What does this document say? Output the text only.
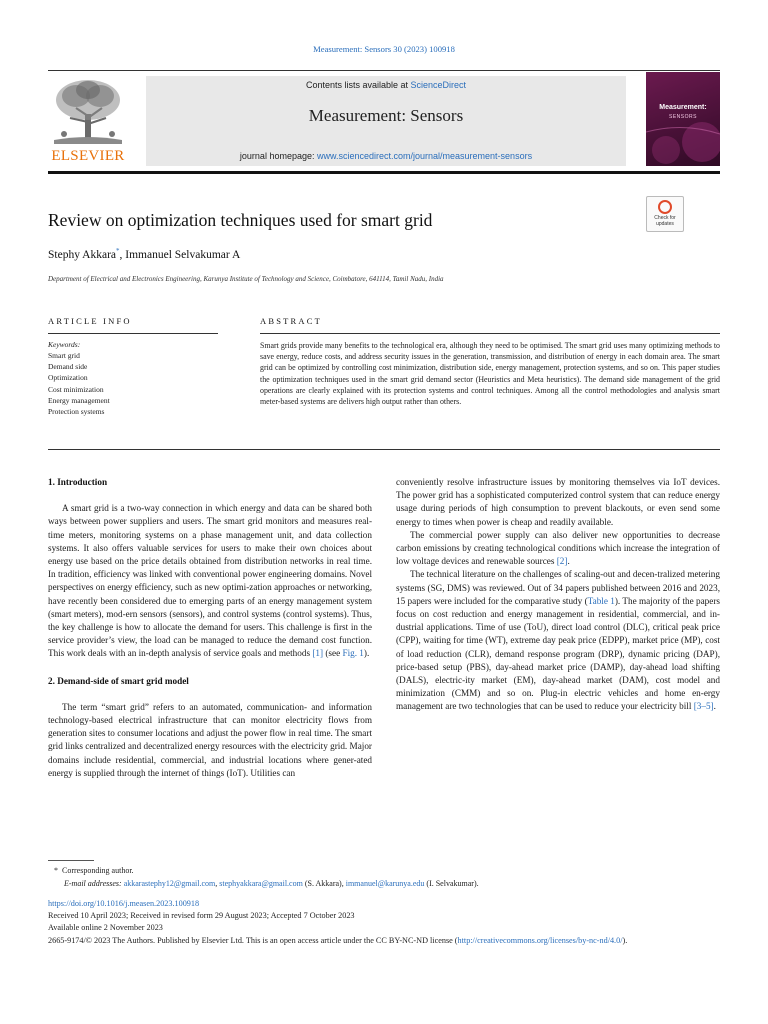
Measurement: Sensors 30 (2023) 100918
ELSEVIER
Contents lists available at ScienceDirect
Measurement: Sensors
journal homepage: www.sciencedirect.com/journal/measurement-sensors
Measurement:
SENSORS
Check for updates
Review on optimization techniques used for smart grid
Stephy Akkara*, Immanuel Selvakumar A
Department of Electrical and Electronics Engineering, Karunya Institute of Technology and Science, Coimbatore, 641114, Tamil Nadu, India
ARTICLE INFO
Keywords:
Smart grid
Demand side
Optimization
Cost minimization
Energy management
Protection systems
ABSTRACT
Smart grids provide many benefits to the technological era, although they need to be optimised. The smart grid uses many optimizing methods to save energy, reduce costs, and address security issues in the generation, transmission, and distribution of energy in each domain area. The smart grid can be optimized by controlling cost minimization, distribution side, energy management, protection systems, and so on. This paper studies the optimization techniques used in the smart grid demand sector (Heuristics and Meta heuristics). The demand side management of the grid operations are clearly explained with its protection systems and control techniques. Among all the control methodologies and analysis smart meter-based systems are delivers high output rather than others.
1. Introduction

A smart grid is a two-way connection in which energy and data can be shared both ways between power suppliers and users. The smart grid monitors and measures real-time meters, monitoring systems on a phase management unit, and data collection systems. It also offers valuable services for users to make their own choices about energy use based on the price details obtained from distribution networks in real time. In tradition, efficiency was linked with conventional power engineering domains. Novel perspectives on energy efficiency, such as new optimi-zation approaches or networking, have recently been considered due to emerging parts of an energy management system (smart meters), mod-ern sensors (sensors), and control systems (control systems). Thus, the key challenge is how to allocate the demand for users. This challenge is first in the service provider’s view, the load can be managed to reduce the demand cost function. This work deals with an in-depth analysis of service goals and methods [1] (see Fig. 1).

2. Demand-side of smart grid model

The term “smart grid” refers to an automated, communication- and information technology-based electrical infrastructure that can monitor electricity flows from generation sites to consumer locations and adjust the power flow in real time. The smart grid links centralized and decentralized energy resources with the electricity grid. Major domains include residential, commercial, and industrial locations where gener-ated energy is supplied through the internet of things (IoT). Utilities can

conveniently resolve infrastructure issues by monitoring themselves via IoT devices. The power grid has a sophisticated computerized control system that can reduce energy usage during periods of high consumption to prevent blackouts, or even send some energy to times when power is cheap and readily available.

The commercial power supply can also deliver new opportunities to decrease carbon emissions by creating technological conditions which increase the integration of low voltage devices and renewable sources [2].

The technical literature on the challenges of scaling-out and decen-tralized metering systems (SG, DMS) was reviewed. Out of 34 papers published between 2016 and 2023, 15 papers were included for the comparative study (Table 1). The majority of the papers focus on cost reduction and energy management in residential, commercial, and in-dustrial applications. Time of use (ToU), direct load control (DLC), critical peak price (CPP), waiting for time (WT), extreme day peak price (EDPP), market price (MP), cost of load reduction (CLR), demand response program (DRP), dynamic pricing (DAP), price-based setup (PBS), day-ahead market price (DAMP), day-ahead load shifting (DALS), electric-ity market (EM), day-ahead market (DAM), cost model and minimization (CMM) and so on. Plug-in electric vehicles and home en-ergy management are two technologies that can be used to reduce your electricity bill [3–5].

* Corresponding author.
E-mail addresses: akkarastephy12@gmail.com, stephyakkara@gmail.com (S. Akkara), immanuel@karunya.edu (I. Selvakumar).
https://doi.org/10.1016/j.measen.2023.100918
Received 10 April 2023; Received in revised form 29 August 2023; Accepted 7 October 2023
Available online 2 November 2023
2665-9174/© 2023 The Authors. Published by Elsevier Ltd. This is an open access article under the CC BY-NC-ND license (http://creativecommons.org/licenses/by-nc-nd/4.0/).
